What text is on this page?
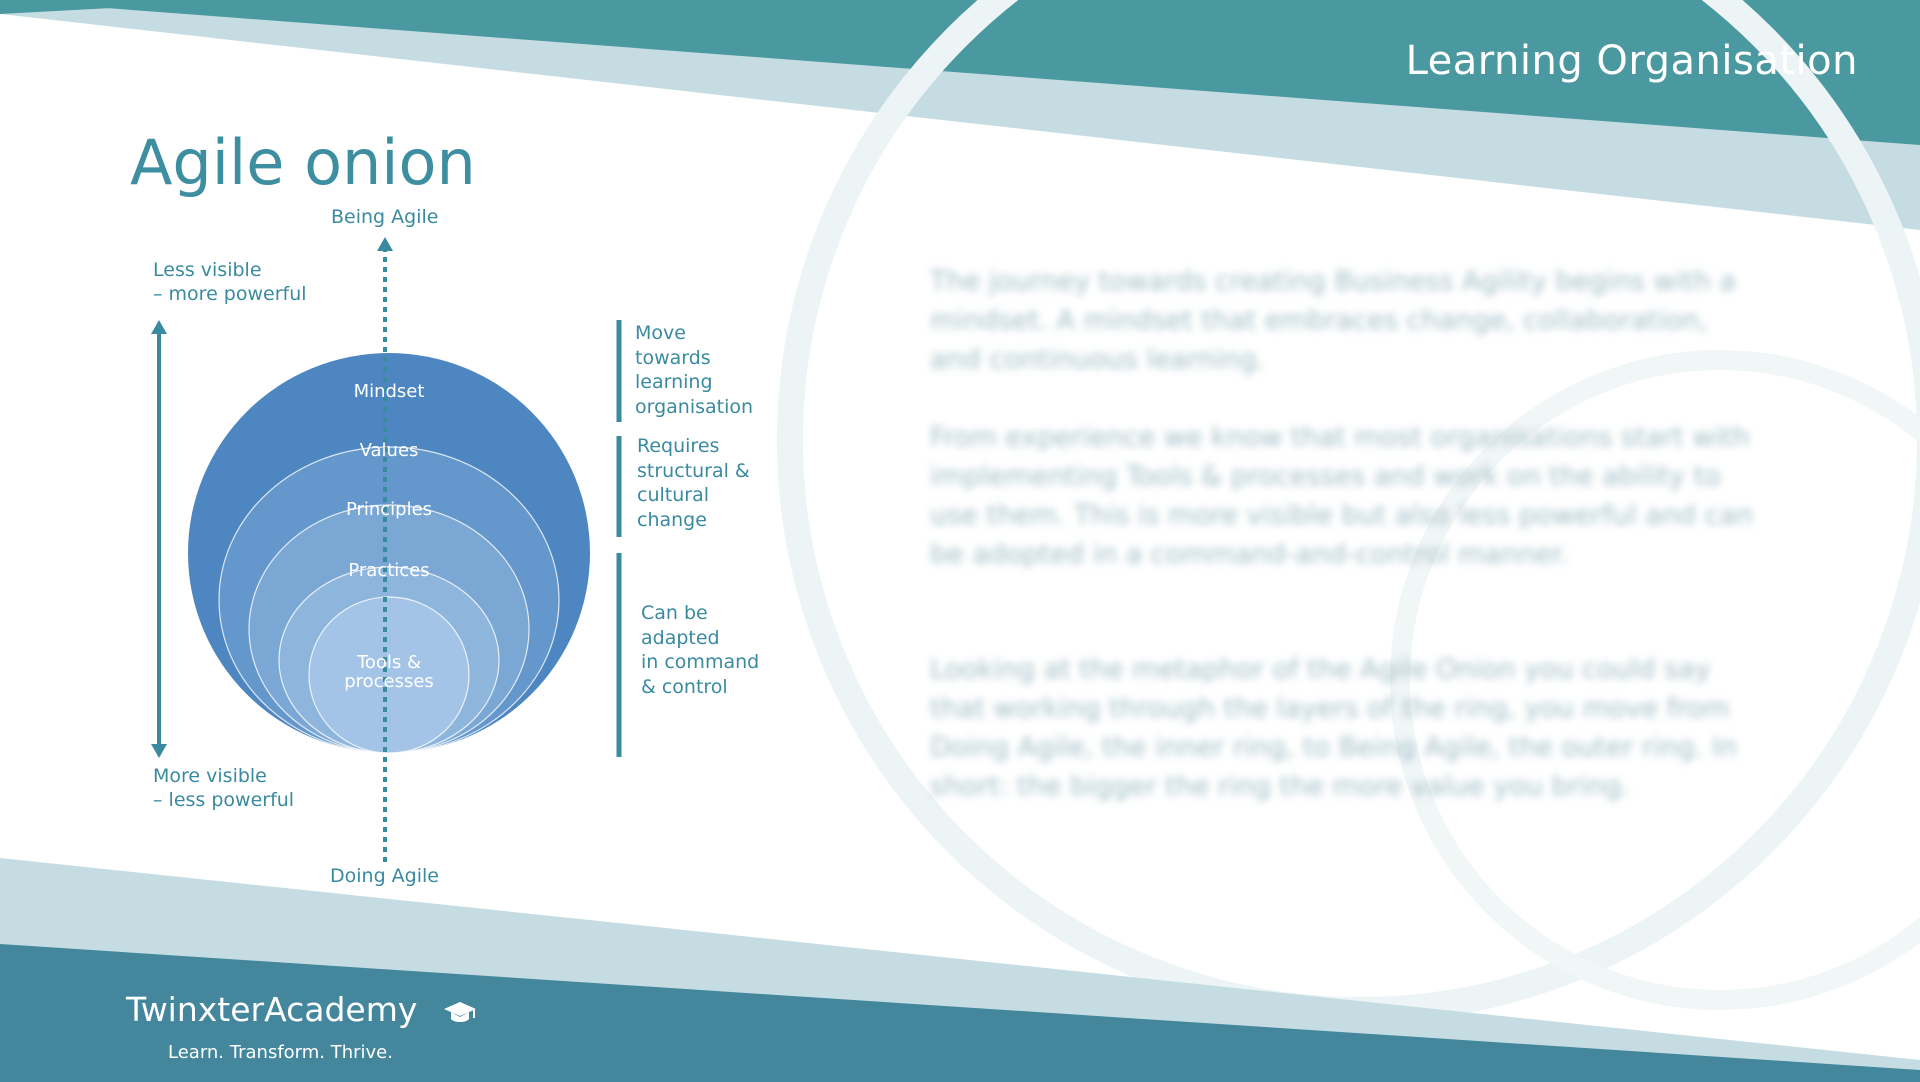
Learning Organisation
Agile onion
Being Agile
Doing Agile
Less visible
– more powerful
More visible
– less powerful
Mindset
Values
Principles
Practices
Tools &
processes
Move
towards
learning
organisation
Requires
structural &
cultural
change
Can be
adapted
in command
& control
The journey towards creating Business Agility begins with a mindset. A mindset that embraces change, collaboration, and continuous learning.
From experience we know that most organisations start with implementing Tools & processes and work on the ability to use them. This is more visible but also less powerful and can be adopted in a command-and-control manner.
Looking at the metaphor of the Agile Onion you could say that working through the layers of the ring, you move from Doing Agile, the inner ring, to Being Agile, the outer ring. In short: the bigger the ring the more value you bring.
TwinxterAcademy
Learn. Transform. Thrive.
